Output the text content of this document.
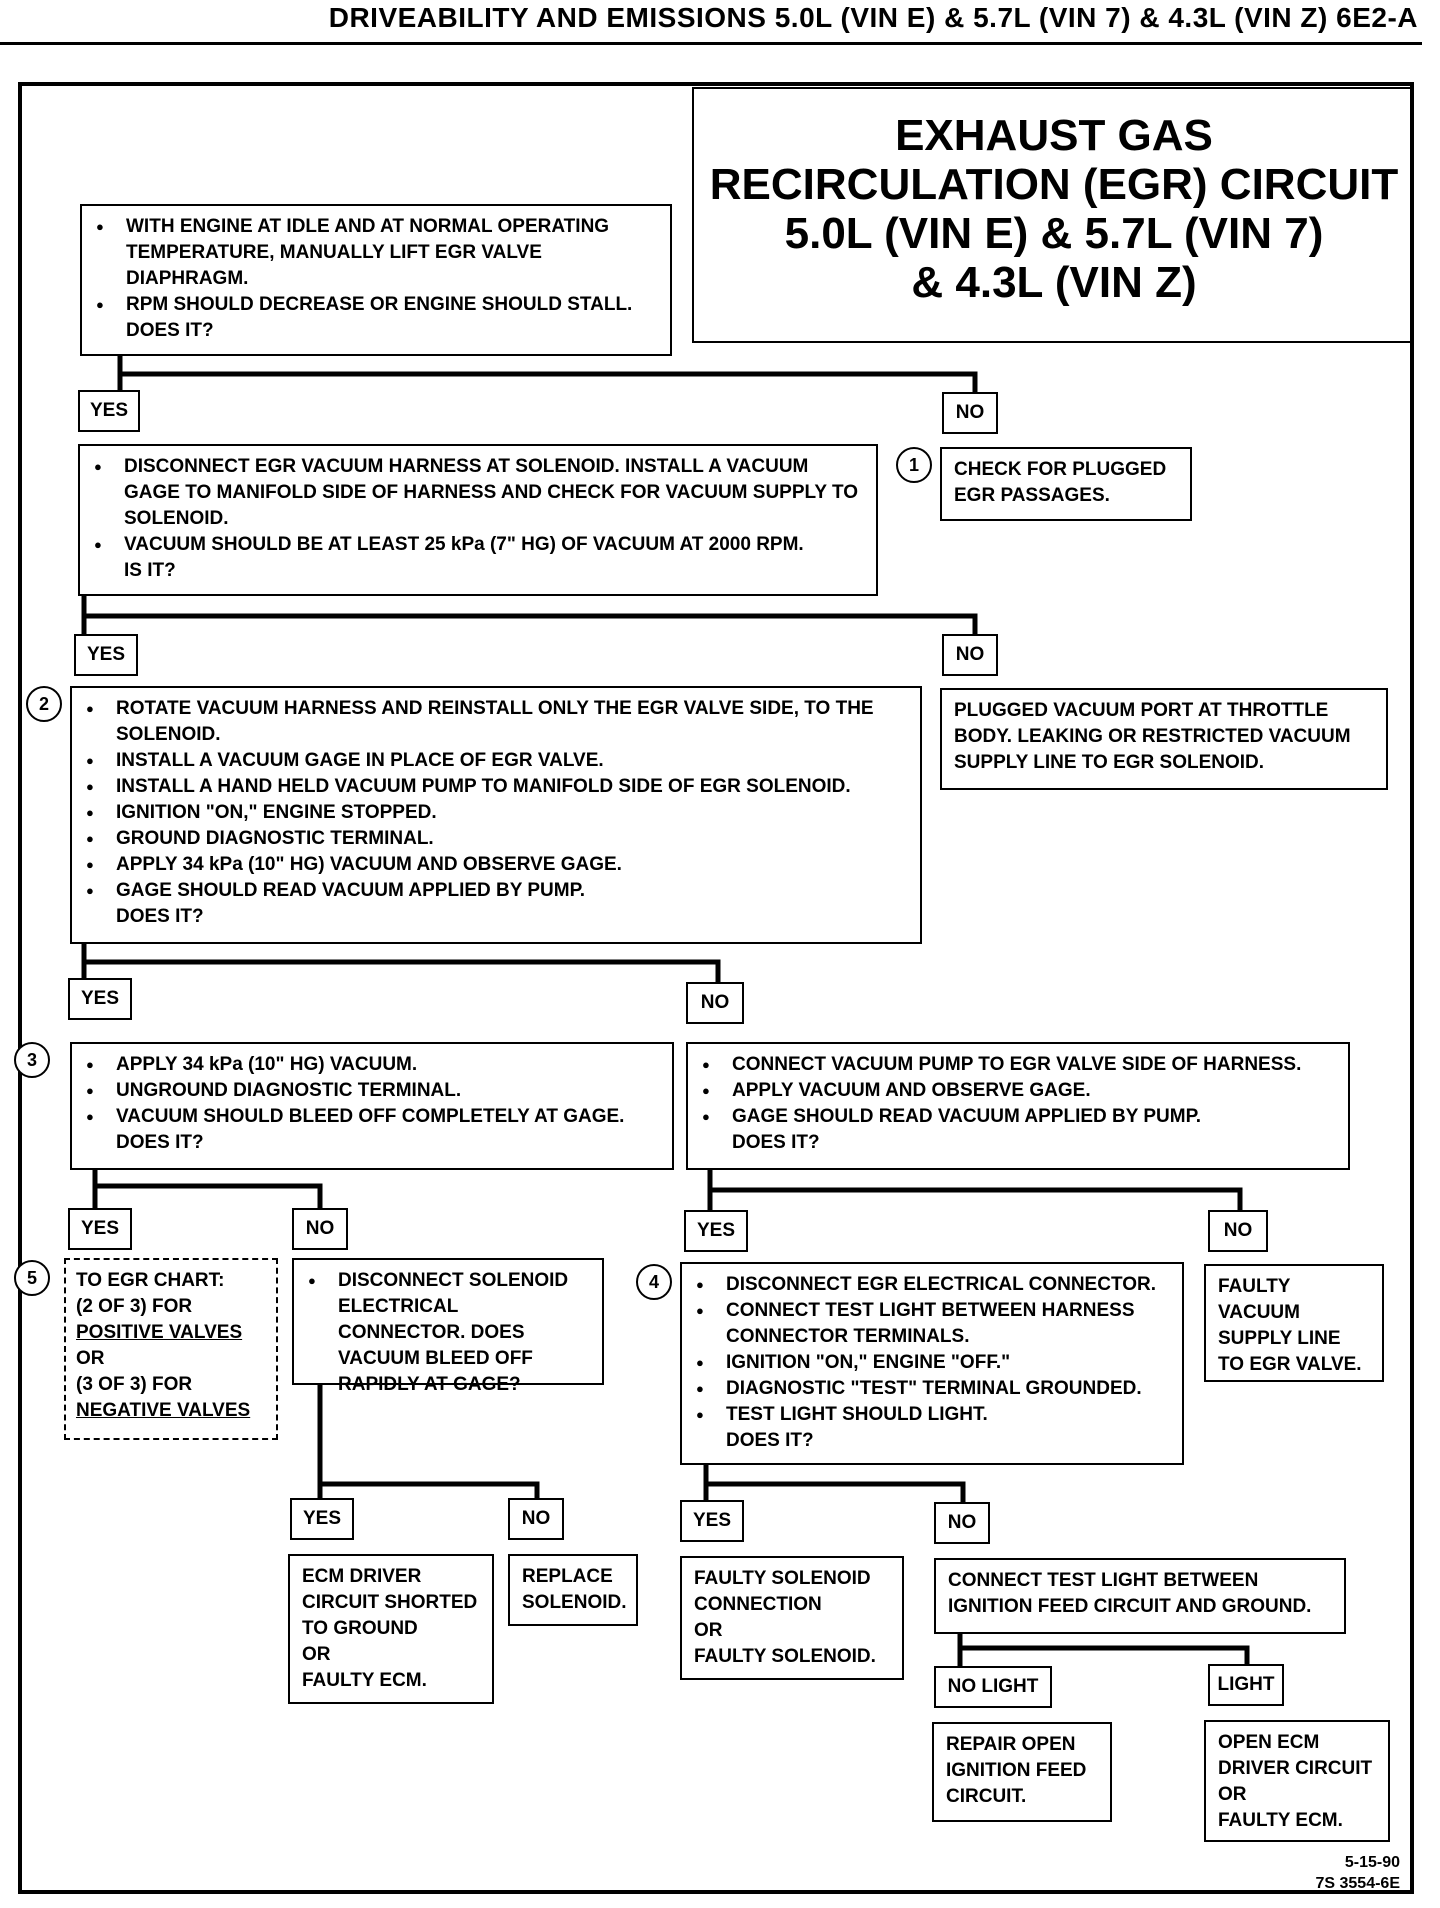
DRIVEABILITY AND EMISSIONS 5.0L (VIN E) & 5.7L (VIN 7) & 4.3L (VIN Z) 6E2-A
EXHAUST GAS
RECIRCULATION (EGR) CIRCUIT
5.0L (VIN E) & 5.7L (VIN 7)
& 4.3L (VIN Z)
● WITH ENGINE AT IDLE AND AT NORMAL OPERATING TEMPERATURE, MANUALLY LIFT EGR VALVE DIAPHRAGM.
● RPM SHOULD DECREASE OR ENGINE SHOULD STALL.
DOES IT?
YES	NO
1
● DISCONNECT EGR VACUUM HARNESS AT SOLENOID. INSTALL A VACUUM GAGE TO MANIFOLD SIDE OF HARNESS AND CHECK FOR VACUUM SUPPLY TO SOLENOID.
● VACUUM SHOULD BE AT LEAST 25 kPa (7" HG) OF VACUUM AT 2000 RPM.
IS IT?
CHECK FOR PLUGGED EGR PASSAGES.
YES	NO
2	● ROTATE VACUUM HARNESS AND REINSTALL ONLY THE EGR VALVE SIDE, TO THE SOLENOID.
● INSTALL A VACUUM GAGE IN PLACE OF EGR VALVE.
● INSTALL A HAND HELD VACUUM PUMP TO MANIFOLD SIDE OF EGR SOLENOID.
● IGNITION "ON," ENGINE STOPPED.
● GROUND DIAGNOSTIC TERMINAL.
● APPLY 34 kPa (10" HG) VACUUM AND OBSERVE GAGE.
● GAGE SHOULD READ VACUUM APPLIED BY PUMP.
DOES IT?
PLUGGED VACUUM PORT AT THROTTLE BODY. LEAKING OR RESTRICTED VACUUM SUPPLY LINE TO EGR SOLENOID.
YES	NO
3	● APPLY 34 kPa (10" HG) VACUUM.
● UNGROUND DIAGNOSTIC TERMINAL.
● VACUUM SHOULD BLEED OFF COMPLETELY AT GAGE.
DOES IT?
● CONNECT VACUUM PUMP TO EGR VALVE SIDE OF HARNESS.
● APPLY VACUUM AND OBSERVE GAGE.
● GAGE SHOULD READ VACUUM APPLIED BY PUMP.
DOES IT?
YES	NO	YES	NO
5	TO EGR CHART:
(2 OF 3) FOR
POSITIVE VALVES
OR
(3 OF 3) FOR
NEGATIVE VALVES
● DISCONNECT SOLENOID ELECTRICAL CONNECTOR. DOES VACUUM BLEED OFF RAPIDLY AT GAGE?
4	● DISCONNECT EGR ELECTRICAL CONNECTOR.
● CONNECT TEST LIGHT BETWEEN HARNESS CONNECTOR TERMINALS.
● IGNITION "ON," ENGINE "OFF."
● DIAGNOSTIC "TEST" TERMINAL GROUNDED.
● TEST LIGHT SHOULD LIGHT.
DOES IT?
FAULTY VACUUM SUPPLY LINE TO EGR VALVE.
YES	NO	YES	NO
ECM DRIVER CIRCUIT SHORTED TO GROUND
OR
FAULTY ECM.
REPLACE SOLENOID.
FAULTY SOLENOID CONNECTION
OR
FAULTY SOLENOID.
CONNECT TEST LIGHT BETWEEN IGNITION FEED CIRCUIT AND GROUND.
NO LIGHT	LIGHT
REPAIR OPEN IGNITION FEED CIRCUIT.
OPEN ECM DRIVER CIRCUIT
OR
FAULTY ECM.
5-15-90
7S 3554-6E
